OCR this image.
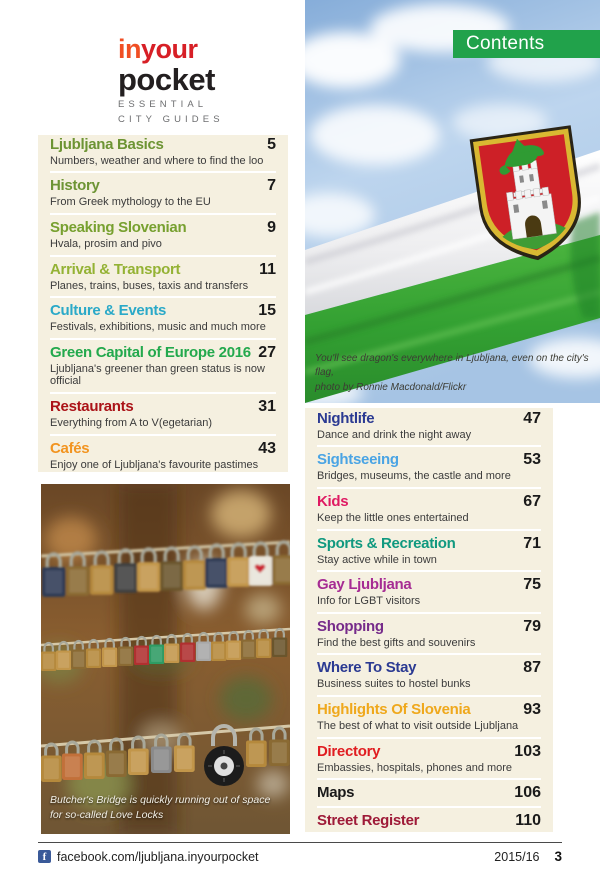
inyour
pocket
ESSENTIAL
CITY GUIDES
Contents
You'll see dragon's everywhere in Ljubljana, even on the city's flag,
photo by Ronnie Macdonald/Flickr
Ljubljana Basics	5
Numbers, weather and where to find the loo
History	7
From Greek mythology to the EU
Speaking Slovenian	9
Hvala, prosim and pivo
Arrival & Transport	11
Planes, trains, buses, taxis and transfers
Culture & Events	15
Festivals, exhibitions, music and much more
Green Capital of Europe 2016 27
Ljubljana's greener than green status is now official
Restaurants	31
Everything from A to V(egetarian)
Cafés	43
Enjoy one of Ljubljana's favourite pastimes
Nightlife	47
Dance and drink the night away
Sightseeing	53
Bridges, museums, the castle and more
Kids	67
Keep the little ones entertained
Sports & Recreation	71
Stay active while in town
Gay Ljubljana	75
Info for LGBT visitors
Shopping	79
Find the best gifts and souvenirs
Where To Stay	87
Business suites to hostel bunks
Highlights Of Slovenia	93
The best of what to visit outside Ljubljana
Directory	103
Embassies, hospitals, phones and more
Maps	106
Street Register	110
Butcher's Bridge is quickly running out of space for so-called Love Locks
f facebook.com/ljubljana.inyourpocket	2015/16 3
